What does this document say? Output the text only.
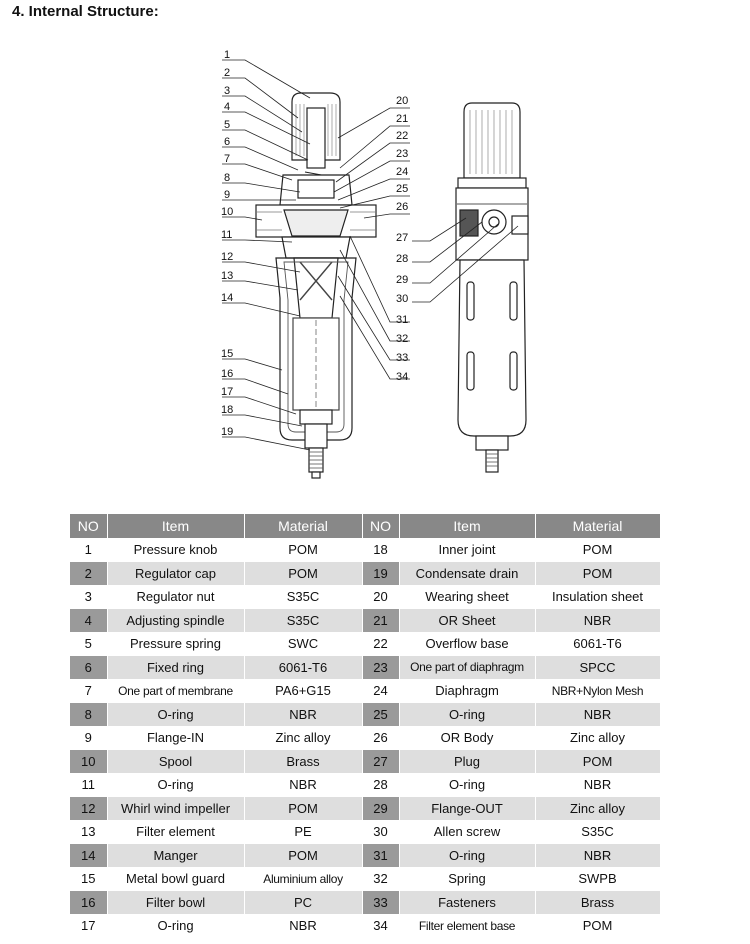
4. Internal Structure:
1
2
3
4
5
6
7
8
9
10
11
12
13
14
15
16
17
18
19
20
21
22
23
24
25
26
27
28
29
30
31
32
33
34
NO	Item	Material	NO	Item	Material
1	Pressure knob	POM	18	Inner joint	POM
2	Regulator cap	POM	19	Condensate drain	POM
3	Regulator nut	S35C	20	Wearing sheet	Insulation sheet
4	Adjusting spindle	S35C	21	OR Sheet	NBR
5	Pressure spring	SWC	22	Overflow base	6061-T6
6	Fixed ring	6061-T6	23	One part of diaphragm	SPCC
7	One part of membrane	PA6+G15	24	Diaphragm	NBR+Nylon Mesh
8	O-ring	NBR	25	O-ring	NBR
9	Flange-IN	Zinc alloy	26	OR Body	Zinc alloy
10	Spool	Brass	27	Plug	POM
11	O-ring	NBR	28	O-ring	NBR
12	Whirl wind impeller	POM	29	Flange-OUT	Zinc alloy
13	Filter element	PE	30	Allen screw	S35C
14	Manger	POM	31	O-ring	NBR
15	Metal bowl guard	Aluminium alloy	32	Spring	SWPB
16	Filter bowl	PC	33	Fasteners	Brass
17	O-ring	NBR	34	Filter element base	POM
